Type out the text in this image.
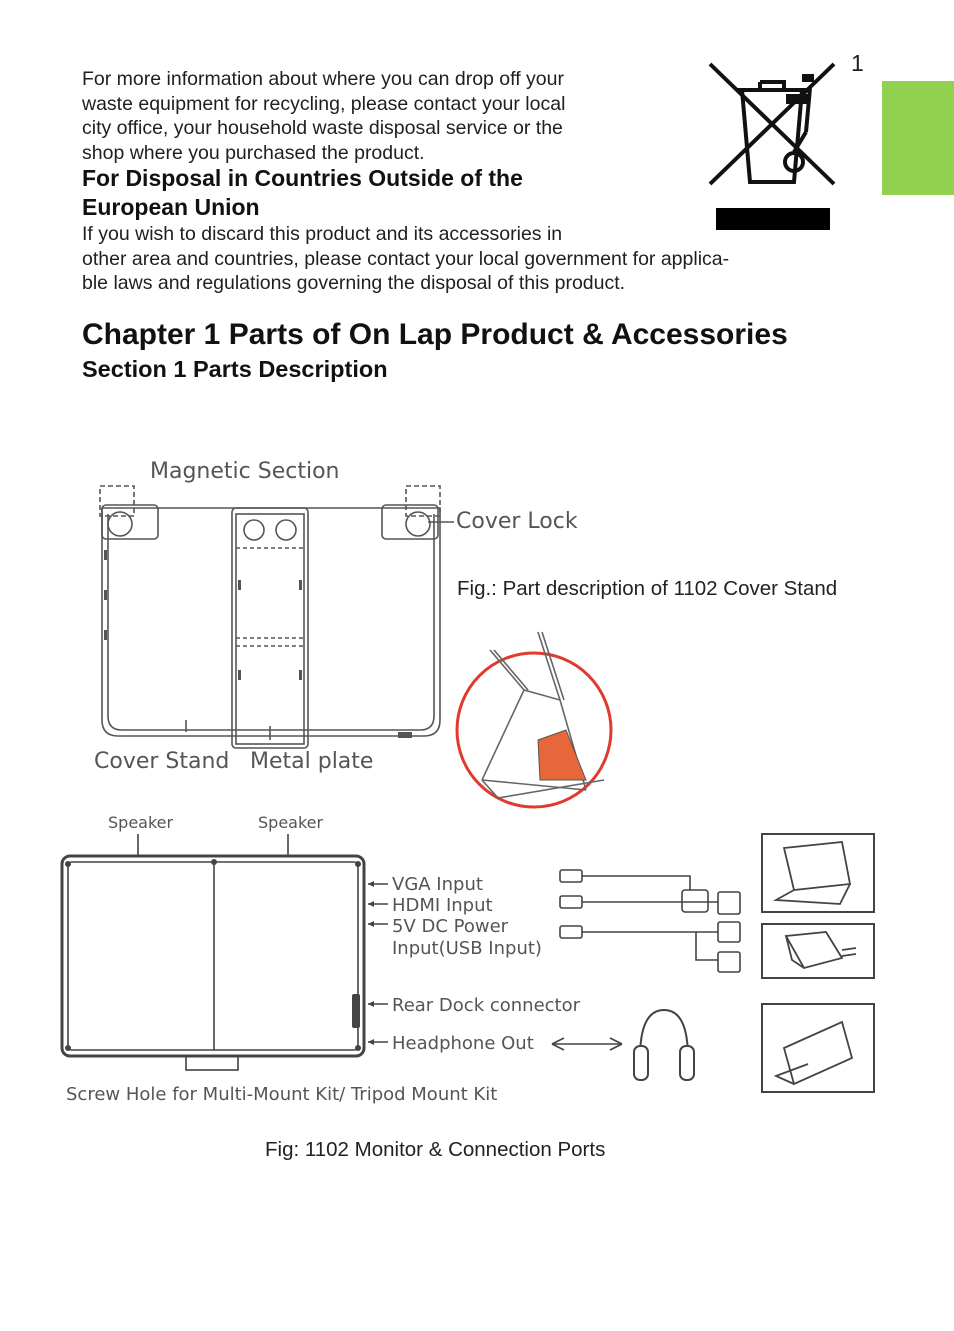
1

For more information about where you can drop off your
waste equipment for recycling, please contact your local
city office, your household waste disposal service or the
shop where you purchased the product.

For Disposal in Countries Outside of the
European Union

If you wish to discard this product and its accessories in
other area and countries, please contact your local government for applica-
ble laws and regulations governing the disposal of this product.

Chapter 1 Parts of On Lap Product & Accessories
Section 1 Parts Description
Magnetic Section
Cover Lock
Cover Stand Metal plate
Fig.: Part description of 1102 Cover Stand
Speaker	Speaker
VGA Input
HDMI Input
5V DC Power
Input(USB Input)
Rear Dock connector
Headphone Out
Screw Hole for Multi-Mount Kit/ Tripod Mount Kit
Fig: 1102 Monitor & Connection Ports
